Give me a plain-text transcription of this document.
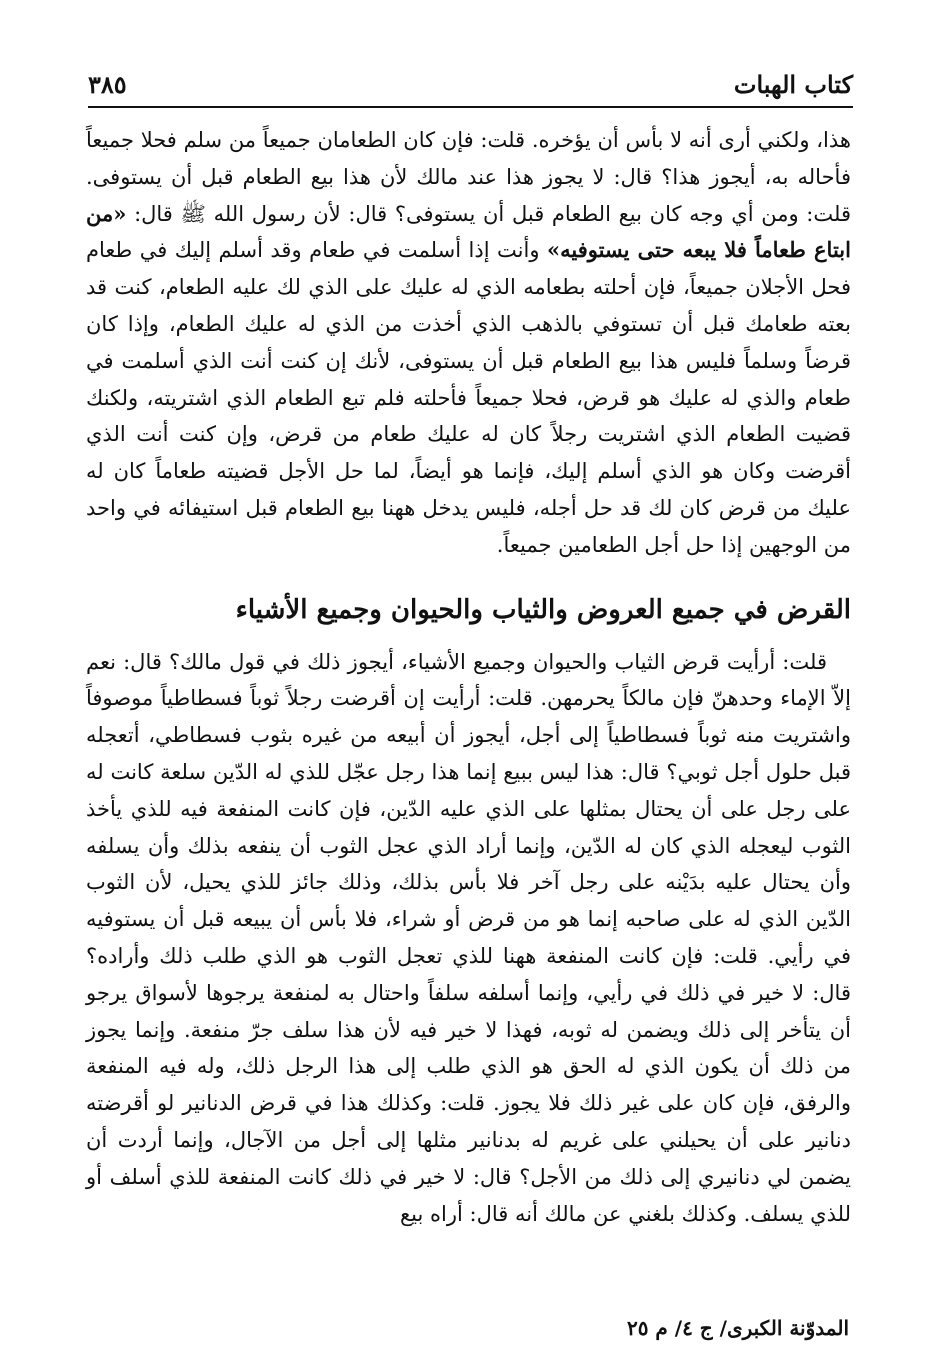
كتاب الهبات
٣٨٥

هذا، ولكني أرى أنه لا بأس أن يؤخره. قلت: فإن كان الطعامان جميعاً من سلم فحلا جميعاً فأحاله به، أيجوز هذا؟ قال: لا يجوز هذا عند مالك لأن هذا بيع الطعام قبل أن يستوفى. قلت: ومن أي وجه كان بيع الطعام قبل أن يستوفى؟ قال: لأن رسول الله ﷺ قال: «من ابتاع طعاماً فلا يبعه حتى يستوفيه» وأنت إذا أسلمت في طعام وقد أسلم إليك في طعام فحل الأجلان جميعاً، فإن أحلته بطعامه الذي له عليك على الذي لك عليه الطعام، كنت قد بعته طعامك قبل أن تستوفي بالذهب الذي أخذت من الذي له عليك الطعام، وإذا كان قرضاً وسلماً فليس هذا بيع الطعام قبل أن يستوفى، لأنك إن كنت أنت الذي أسلمت في طعام والذي له عليك هو قرض، فحلا جميعاً فأحلته فلم تبع الطعام الذي اشتريته، ولكنك قضيت الطعام الذي اشتريت رجلاً كان له عليك طعام من قرض، وإن كنت أنت الذي أقرضت وكان هو الذي أسلم إليك، فإنما هو أيضاً، لما حل الأجل قضيته طعاماً كان له عليك من قرض كان لك قد حل أجله، فليس يدخل ههنا بيع الطعام قبل استيفائه في واحد من الوجهين إذا حل أجل الطعامين جميعاً.

القرض في جميع العروض والثياب والحيوان وجميع الأشياء

قلت: أرأيت قرض الثياب والحيوان وجميع الأشياء، أيجوز ذلك في قول مالك؟ قال: نعم إلاّ الإماء وحدهنّ فإن مالكاً يحرمهن. قلت: أرأيت إن أقرضت رجلاً ثوباً فسطاطياً موصوفاً واشتريت منه ثوباً فسطاطياً إلى أجل، أيجوز أن أبيعه من غيره بثوب فسطاطي، أتعجله قبل حلول أجل ثوبي؟ قال: هذا ليس ببيع إنما هذا رجل عجّل للذي له الدّين سلعة كانت له على رجل على أن يحتال بمثلها على الذي عليه الدّين، فإن كانت المنفعة فيه للذي يأخذ الثوب ليعجله الذي كان له الدّين، وإنما أراد الذي عجل الثوب أن ينفعه بذلك وأن يسلفه وأن يحتال عليه بدَيْنه على رجل آخر فلا بأس بذلك، وذلك جائز للذي يحيل، لأن الثوب الدّين الذي له على صاحبه إنما هو من قرض أو شراء، فلا بأس أن يبيعه قبل أن يستوفيه في رأيي. قلت: فإن كانت المنفعة ههنا للذي تعجل الثوب هو الذي طلب ذلك وأراده؟ قال: لا خير في ذلك في رأيي، وإنما أسلفه سلفاً واحتال به لمنفعة يرجوها لأسواق يرجو أن يتأخر إلى ذلك ويضمن له ثوبه، فهذا لا خير فيه لأن هذا سلف جرّ منفعة. وإنما يجوز من ذلك أن يكون الذي له الحق هو الذي طلب إلى هذا الرجل ذلك، وله فيه المنفعة والرفق، فإن كان على غير ذلك فلا يجوز. قلت: وكذلك هذا في قرض الدنانير لو أقرضته دنانير على أن يحيلني على غريم له بدنانير مثلها إلى أجل من الآجال، وإنما أردت أن يضمن لي دنانيري إلى ذلك من الأجل؟ قال: لا خير في ذلك كانت المنفعة للذي أسلف أو للذي يسلف. وكذلك بلغني عن مالك أنه قال: أراه بيع

المدوّنة الكبرى/ ج ٤/ م ٢٥
